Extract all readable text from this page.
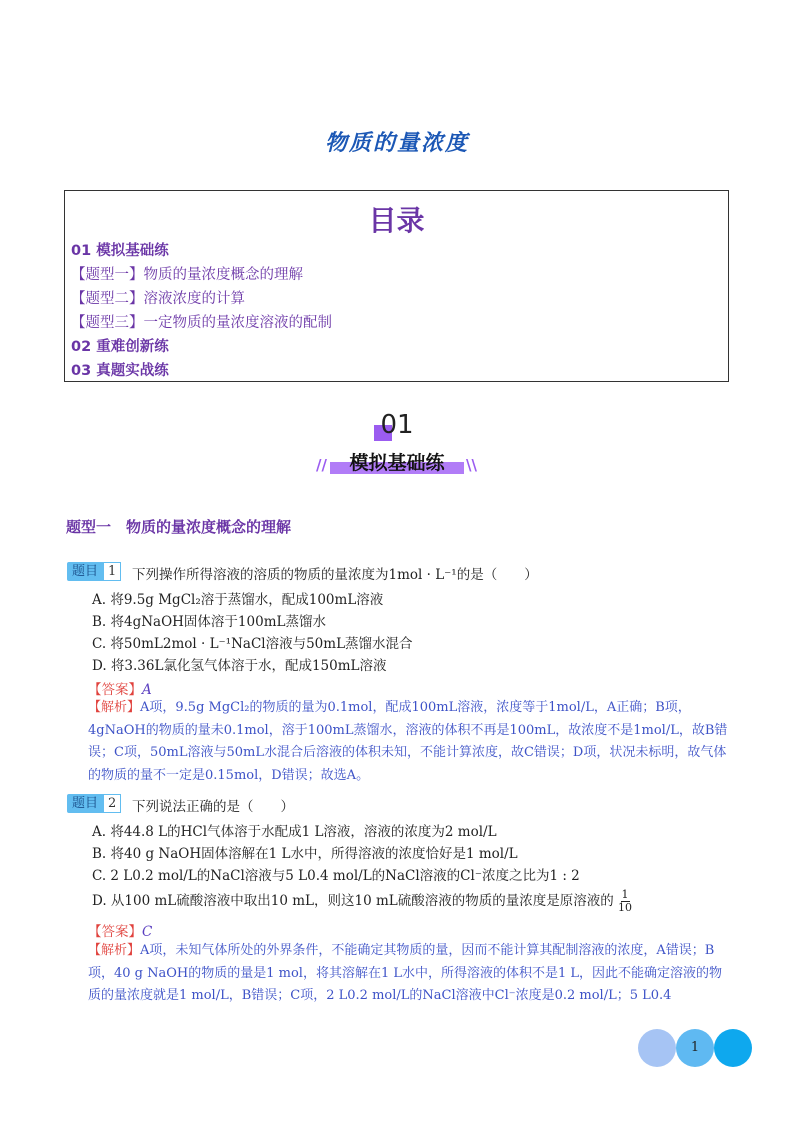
物质的量浓度
目录
01 模拟基础练
【题型一】物质的量浓度概念的理解
【题型二】溶液浓度的计算
【题型三】一定物质的量浓度溶液的配制
02 重难创新练
03 真题实战练
01
模拟基础练
//	\\
题型一　物质的量浓度概念的理解
题目 1	下列操作所得溶液的溶质的物质的量浓度为1mol · L⁻¹的是（　　）
A. 将9.5g MgCl₂溶于蒸馏水，配成100mL溶液
B. 将4gNaOH固体溶于100mL蒸馏水
C. 将50mL2mol · L⁻¹NaCl溶液与50mL蒸馏水混合
D. 将3.36L氯化氢气体溶于水，配成150mL溶液
【答案】A
【解析】A项，9.5g MgCl₂的物质的量为0.1mol，配成100mL溶液，浓度等于1mol/L，A正确；B项，4gNaOH的物质的量未0.1mol，溶于100mL蒸馏水，溶液的体积不再是100mL，故浓度不是1mol/L，故B错误；C项，50mL溶液与50mL水混合后溶液的体积未知，不能计算浓度，故C错误；D项，状况未标明，故气体的物质的量不一定是0.15mol，D错误；故选A。
题目 2	下列说法正确的是（　　）
A. 将44.8 L的HCl气体溶于水配成1 L溶液，溶液的浓度为2 mol/L
B. 将40 g NaOH固体溶解在1 L水中，所得溶液的浓度恰好是1 mol/L
C. 2 L0.2 mol/L的NaCl溶液与5 L0.4 mol/L的NaCl溶液的Cl⁻浓度之比为1 : 2
D. 从100 mL硫酸溶液中取出10 mL，则这10 mL硫酸溶液的物质的量浓度是原溶液的 $\frac{1}{10}$
【答案】C
【解析】A项，未知气体所处的外界条件，不能确定其物质的量，因而不能计算其配制溶液的浓度，A错误；B项，40 g NaOH的物质的量是1 mol，将其溶解在1 L水中，所得溶液的体积不是1 L，因此不能确定溶液的物质的量浓度就是1 mol/L，B错误；C项，2 L0.2 mol/L的NaCl溶液中Cl⁻浓度是0.2 mol/L；5 L0.4
1
